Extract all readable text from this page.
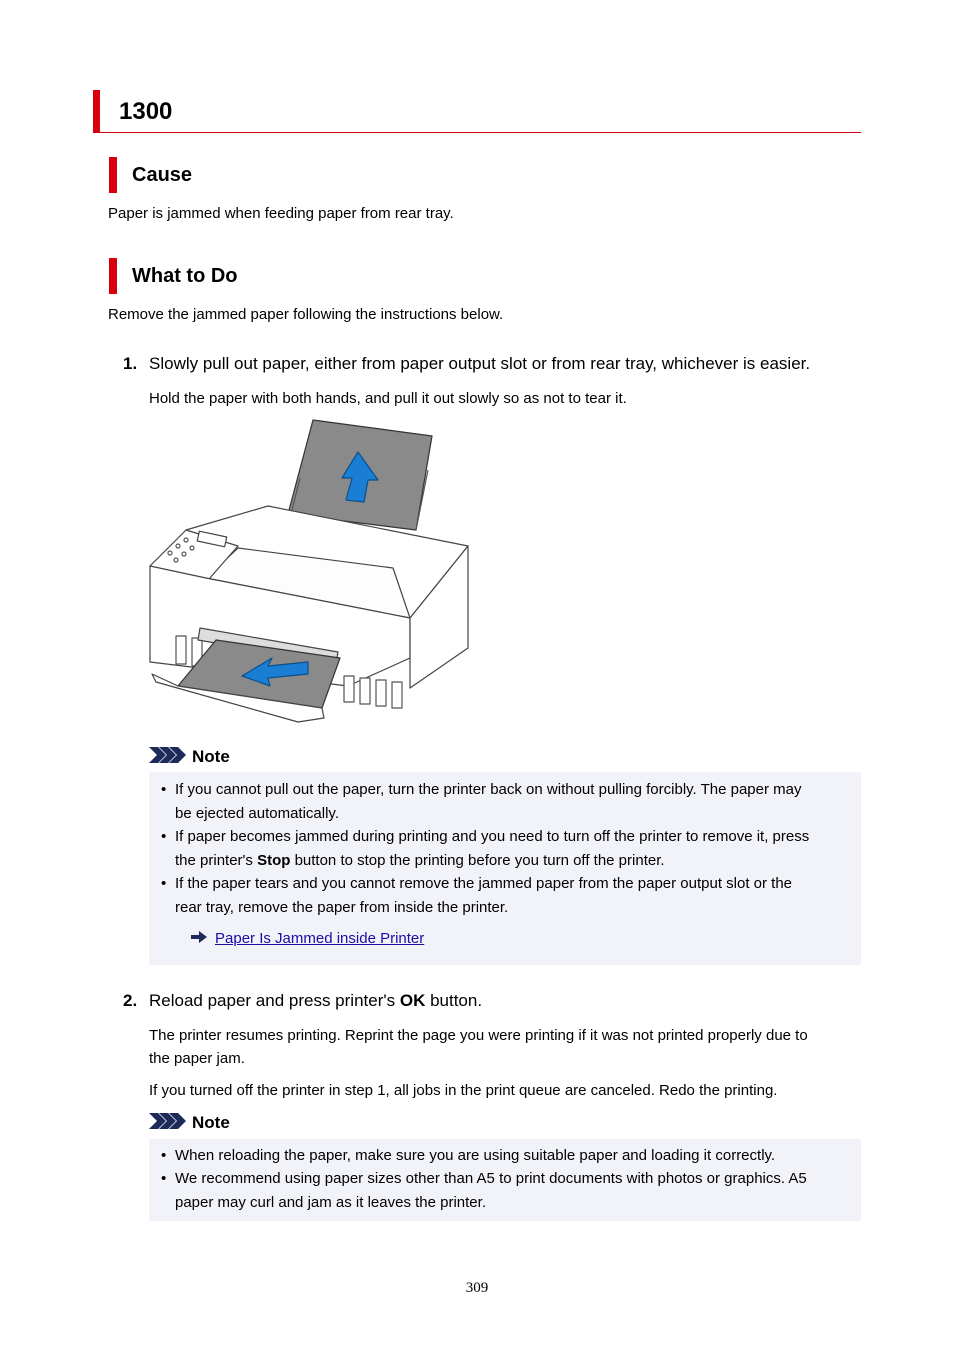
1300
Cause
Paper is jammed when feeding paper from rear tray.
What to Do
Remove the jammed paper following the instructions below.
1. Slowly pull out paper, either from paper output slot or from rear tray, whichever is easier.
Hold the paper with both hands, and pull it out slowly so as not to tear it.
Note
• If you cannot pull out the paper, turn the printer back on without pulling forcibly. The paper may
be ejected automatically.
• If paper becomes jammed during printing and you need to turn off the printer to remove it, press
the printer's Stop button to stop the printing before you turn off the printer.
• If the paper tears and you cannot remove the jammed paper from the paper output slot or the
rear tray, remove the paper from inside the printer.
Paper Is Jammed inside Printer
2. Reload paper and press printer's OK button.
The printer resumes printing. Reprint the page you were printing if it was not printed properly due to
the paper jam.
If you turned off the printer in step 1, all jobs in the print queue are canceled. Redo the printing.
Note
• When reloading the paper, make sure you are using suitable paper and loading it correctly.
• We recommend using paper sizes other than A5 to print documents with photos or graphics. A5
paper may curl and jam as it leaves the printer.
309
